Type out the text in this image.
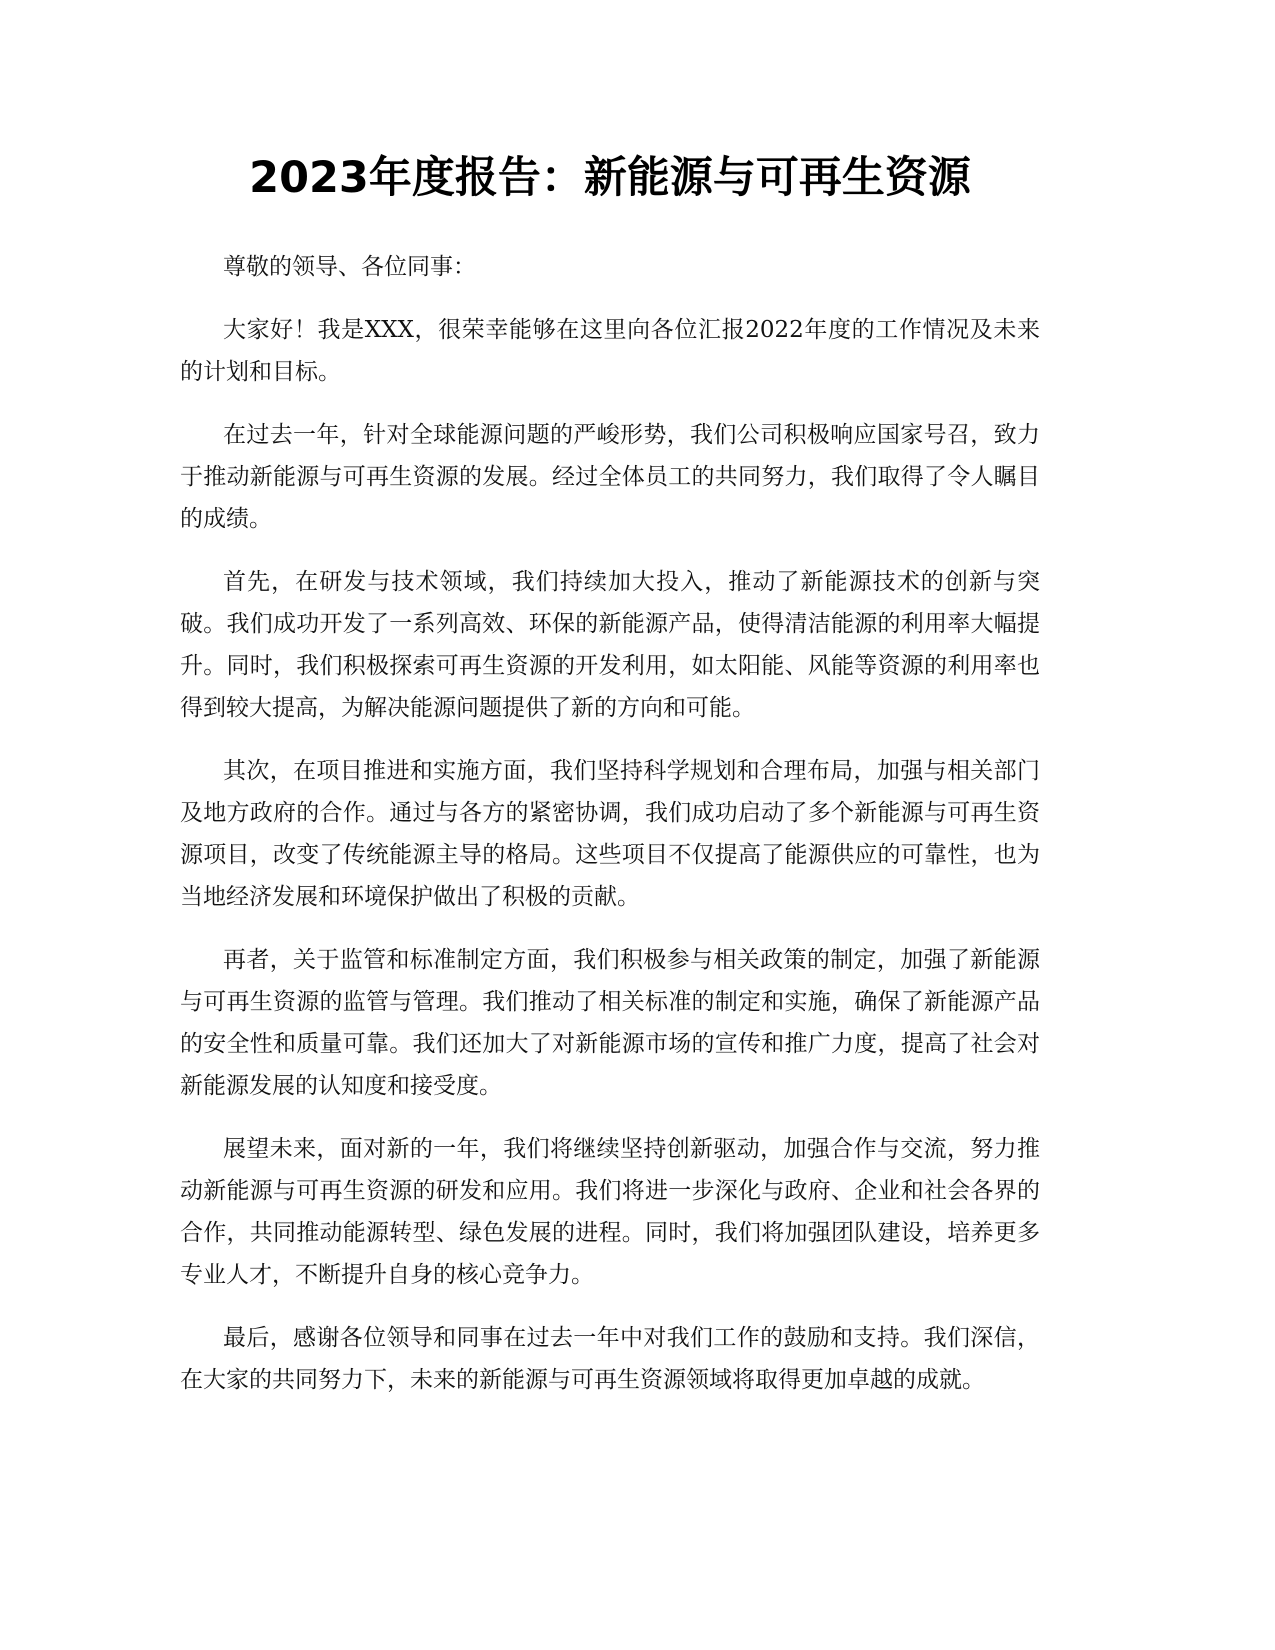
2023年度报告：新能源与可再生资源

尊敬的领导、各位同事：

大家好！我是XXX，很荣幸能够在这里向各位汇报2022年度的工作情况及未来的计划和目标。

在过去一年，针对全球能源问题的严峻形势，我们公司积极响应国家号召，致力于推动新能源与可再生资源的发展。经过全体员工的共同努力，我们取得了令人瞩目的成绩。

首先，在研发与技术领域，我们持续加大投入，推动了新能源技术的创新与突破。我们成功开发了一系列高效、环保的新能源产品，使得清洁能源的利用率大幅提升。同时，我们积极探索可再生资源的开发利用，如太阳能、风能等资源的利用率也得到较大提高，为解决能源问题提供了新的方向和可能。

其次，在项目推进和实施方面，我们坚持科学规划和合理布局，加强与相关部门及地方政府的合作。通过与各方的紧密协调，我们成功启动了多个新能源与可再生资源项目，改变了传统能源主导的格局。这些项目不仅提高了能源供应的可靠性，也为当地经济发展和环境保护做出了积极的贡献。

再者，关于监管和标准制定方面，我们积极参与相关政策的制定，加强了新能源与可再生资源的监管与管理。我们推动了相关标准的制定和实施，确保了新能源产品的安全性和质量可靠。我们还加大了对新能源市场的宣传和推广力度，提高了社会对新能源发展的认知度和接受度。

展望未来，面对新的一年，我们将继续坚持创新驱动，加强合作与交流，努力推动新能源与可再生资源的研发和应用。我们将进一步深化与政府、企业和社会各界的合作，共同推动能源转型、绿色发展的进程。同时，我们将加强团队建设，培养更多专业人才，不断提升自身的核心竞争力。

最后，感谢各位领导和同事在过去一年中对我们工作的鼓励和支持。我们深信，在大家的共同努力下，未来的新能源与可再生资源领域将取得更加卓越的成就。
